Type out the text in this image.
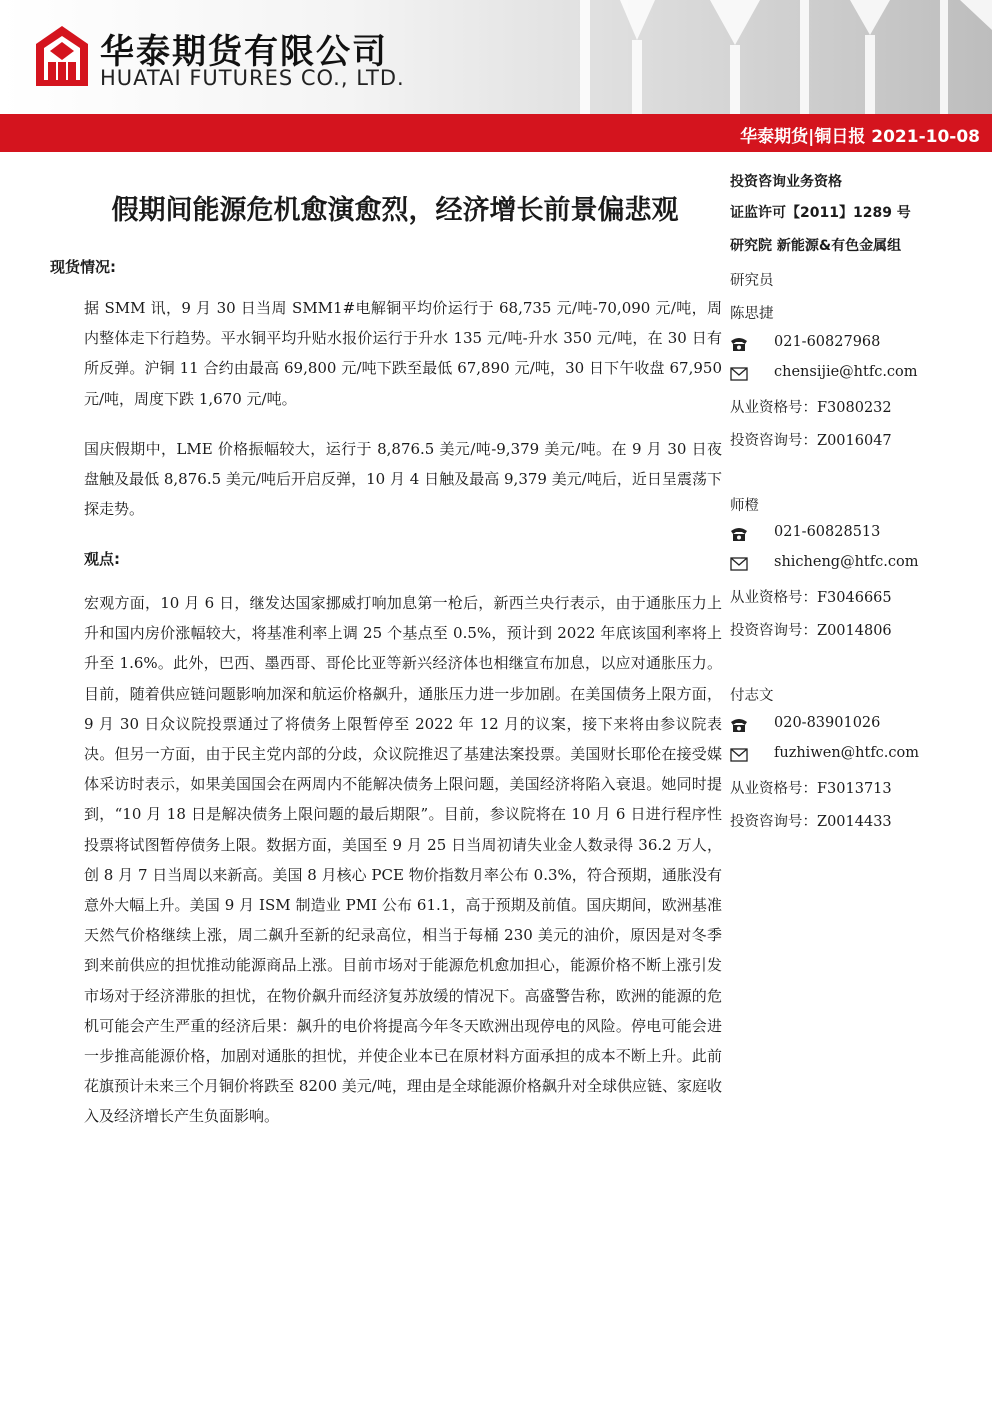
华泰期货有限公司
HUATAI FUTURES CO., LTD.
华泰期货|铜日报 2021-10-08
假期间能源危机愈演愈烈，经济增长前景偏悲观
现货情况:

据 SMM 讯，9 月 30 日当周 SMM1#电解铜平均价运行于 68,735 元/吨-70,090 元/吨，周内整体走下行趋势。平水铜平均升贴水报价运行于升水 135 元/吨-升水 350 元/吨，在 30 日有所反弹。沪铜 11 合约由最高 69,800 元/吨下跌至最低 67,890 元/吨，30 日下午收盘 67,950 元/吨，周度下跌 1,670 元/吨。

国庆假期中，LME 价格振幅较大，运行于 8,876.5 美元/吨-9,379 美元/吨。在 9 月 30 日夜盘触及最低 8,876.5 美元/吨后开启反弹，10 月 4 日触及最高 9,379 美元/吨后，近日呈震荡下探走势。

观点:

宏观方面，10 月 6 日，继发达国家挪威打响加息第一枪后，新西兰央行表示，由于通胀压力上升和国内房价涨幅较大，将基准利率上调 25 个基点至 0.5%，预计到 2022 年底该国利率将上升至 1.6%。此外，巴西、墨西哥、哥伦比亚等新兴经济体也相继宣布加息，以应对通胀压力。目前，随着供应链问题影响加深和航运价格飙升，通胀压力进一步加剧。在美国债务上限方面，9 月 30 日众议院投票通过了将债务上限暂停至 2022 年 12 月的议案，接下来将由参议院表决。但另一方面，由于民主党内部的分歧，众议院推迟了基建法案投票。美国财长耶伦在接受媒体采访时表示，如果美国国会在两周内不能解决债务上限问题，美国经济将陷入衰退。她同时提到，“10 月 18 日是解决债务上限问题的最后期限”。目前，参议院将在 10 月 6 日进行程序性投票将试图暂停债务上限。数据方面，美国至 9 月 25 日当周初请失业金人数录得 36.2 万人，创 8 月 7 日当周以来新高。美国 8 月核心 PCE 物价指数月率公布 0.3%，符合预期，通胀没有意外大幅上升。美国 9 月 ISM 制造业 PMI 公布 61.1，高于预期及前值。国庆期间，欧洲基准天然气价格继续上涨，周二飙升至新的纪录高位，相当于每桶 230 美元的油价，原因是对冬季到来前供应的担忧推动能源商品上涨。目前市场对于能源危机愈加担心，能源价格不断上涨引发市场对于经济滞胀的担忧，在物价飙升而经济复苏放缓的情况下。高盛警告称，欧洲的能源的危机可能会产生严重的经济后果：飙升的电价将提高今年冬天欧洲出现停电的风险。停电可能会进一步推高能源价格，加剧对通胀的担忧，并使企业本已在原材料方面承担的成本不断上升。此前花旗预计未来三个月铜价将跌至 8200 美元/吨，理由是全球能源价格飙升对全球供应链、家庭收入及经济增长产生负面影响。

投资咨询业务资格
证监许可【2011】1289 号
研究院 新能源&有色金属组
研究员
陈思捷
021-60827968
chensijie@htfc.com
从业资格号：F3080232
投资咨询号：Z0016047
师橙
021-60828513
shicheng@htfc.com
从业资格号：F3046665
投资咨询号：Z0014806
付志文
020-83901026
fuzhiwen@htfc.com
从业资格号：F3013713
投资咨询号：Z0014433
